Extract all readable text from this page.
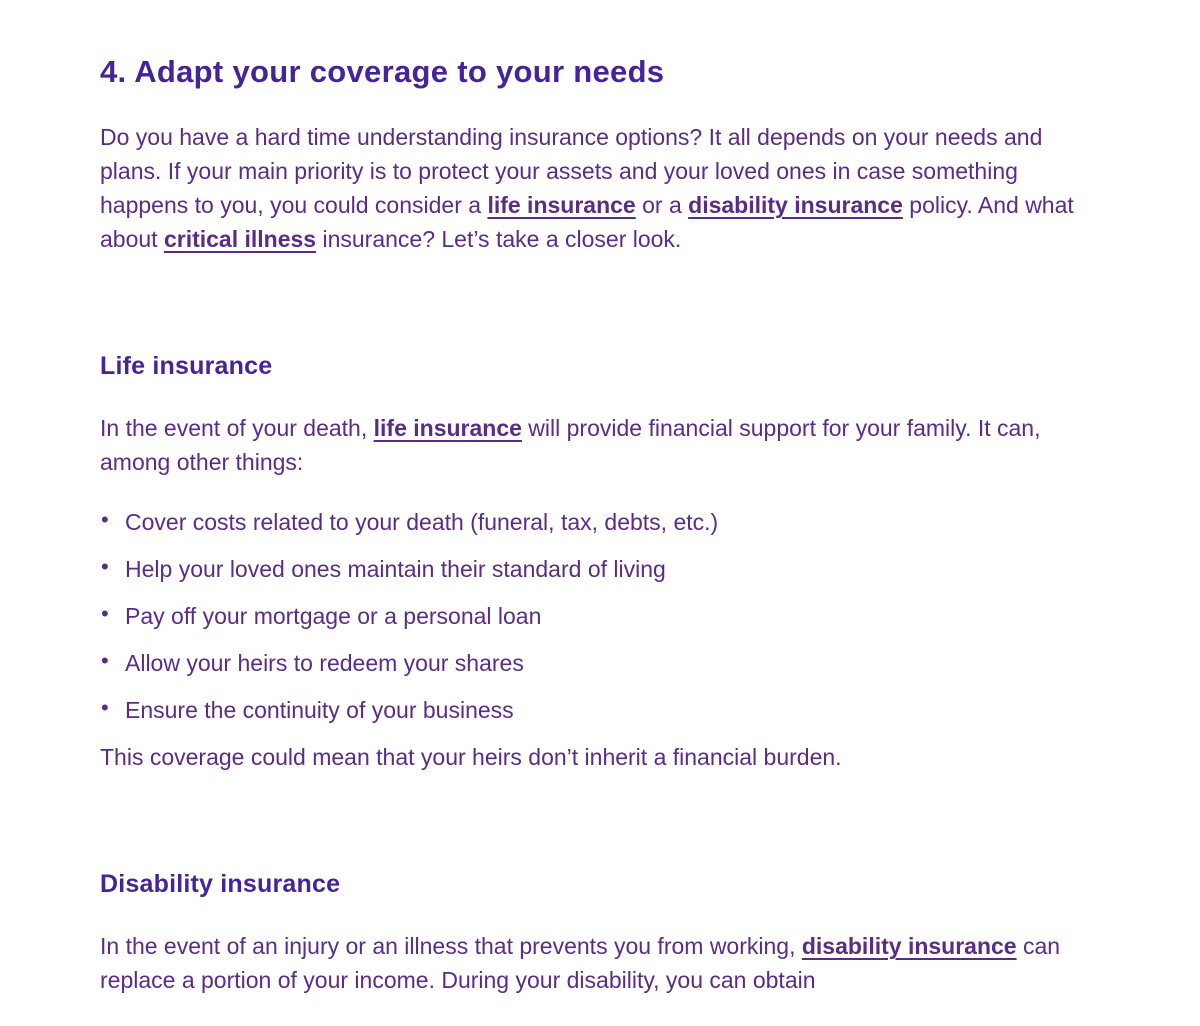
4. Adapt your coverage to your needs

Do you have a hard time understanding insurance options? It all depends on your needs and plans. If your main priority is to protect your assets and your loved ones in case something happens to you, you could consider a life insurance or a disability insurance policy. And what about critical illness insurance? Let’s take a closer look.

Life insurance

In the event of your death, life insurance will provide financial support for your family. It can, among other things:

• Cover costs related to your death (funeral, tax, debts, etc.)
• Help your loved ones maintain their standard of living
• Pay off your mortgage or a personal loan
• Allow your heirs to redeem your shares
• Ensure the continuity of your business

This coverage could mean that your heirs don’t inherit a financial burden.

Disability insurance

In the event of an injury or an illness that prevents you from working, disability insurance can replace a portion of your income. During your disability, you can obtain
